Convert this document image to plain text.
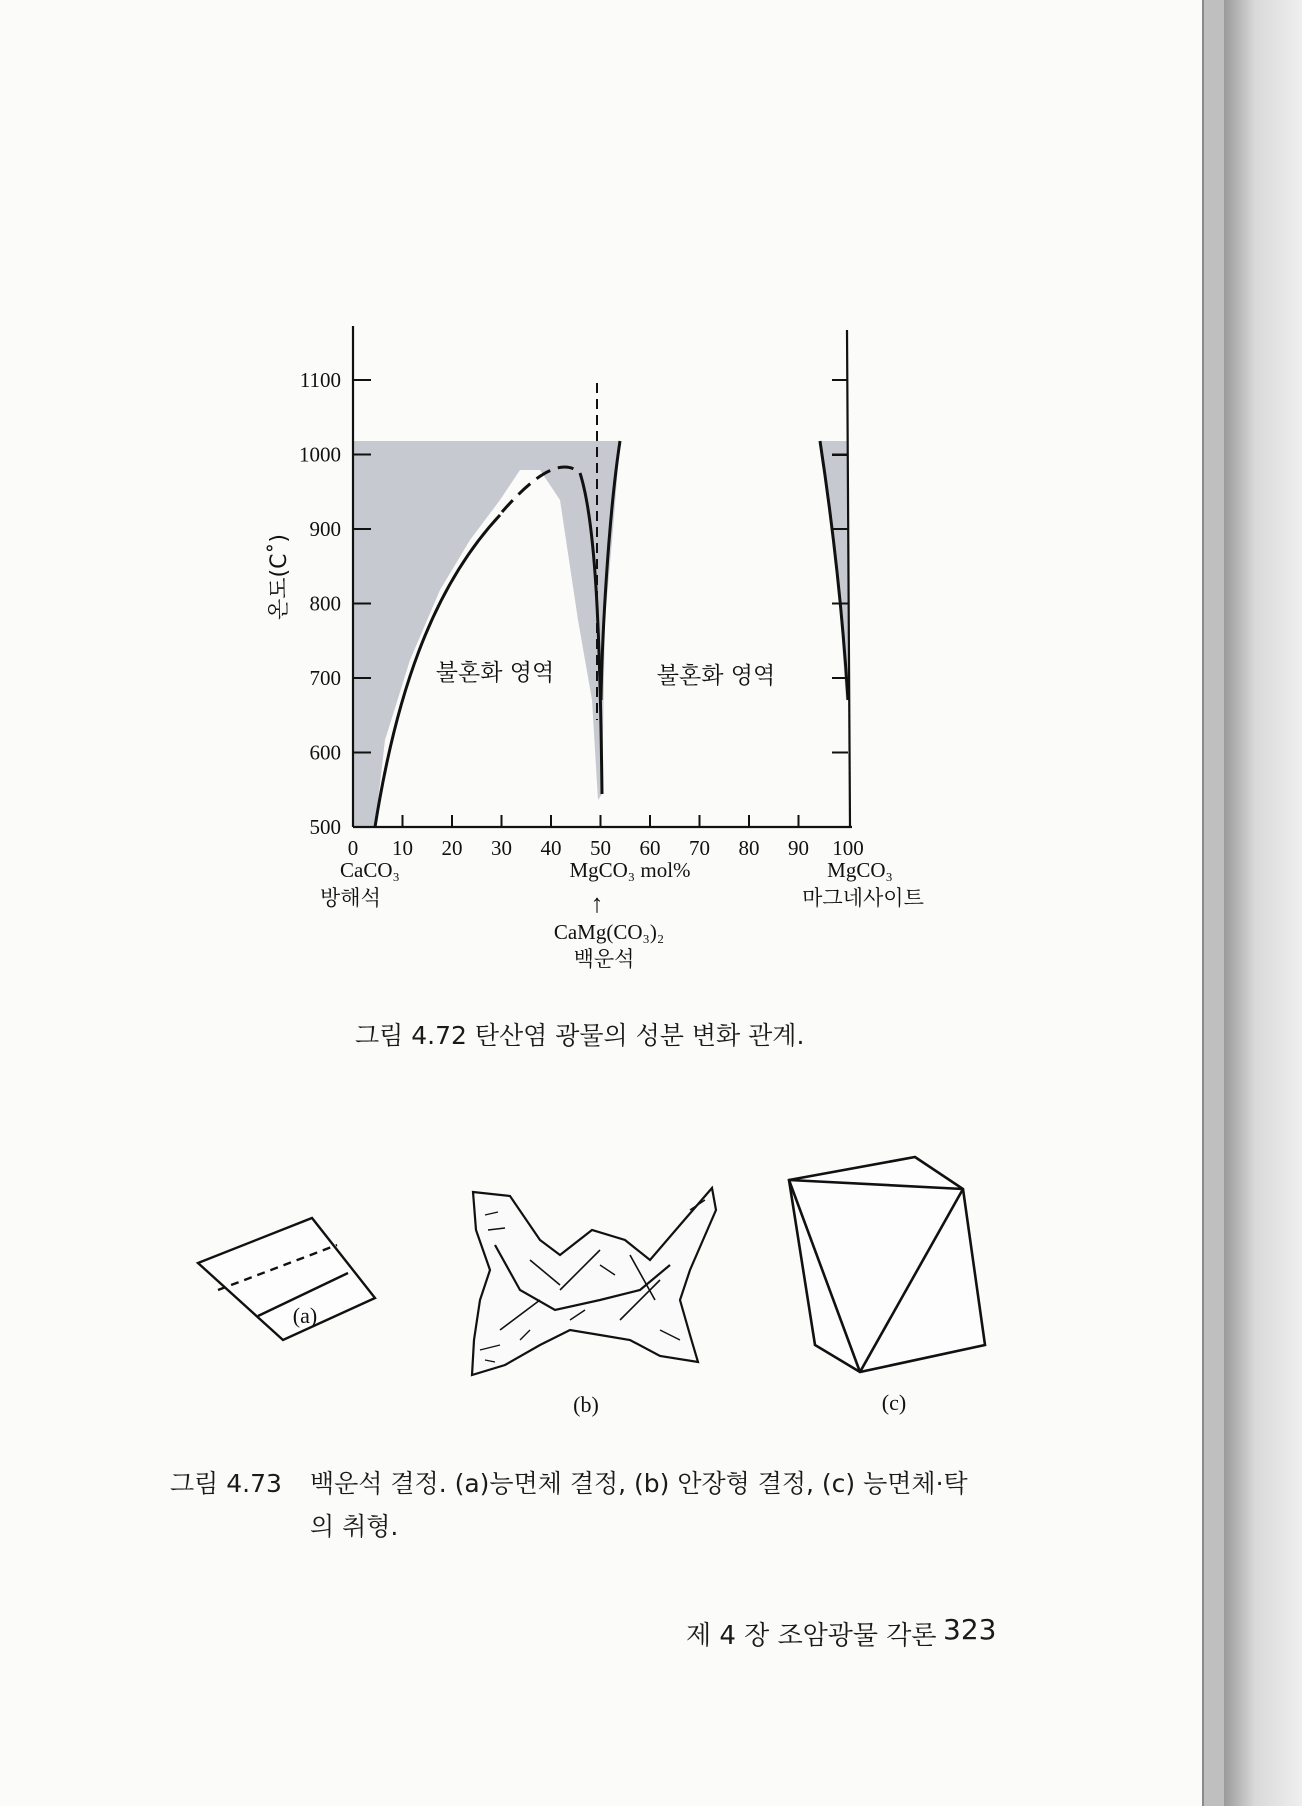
0 10 20 30 40 50 60 70 80 90 100
500
600
700
800
900
1000
1100
온도(C˚)
불혼화 영역	불혼화 영역
CaCO₃
방해석
MgCO₃ mol%
↑
CaMg(CO₃)₂
백운석
MgCO₃
마그네사이트
(a)
(b)	(c)
그림 4.72 탄산염 광물의 성분 변화 관계.
그림 4.73 백운석 결정. (a)능면체 결정, (b) 안장형 결정, (c) 능면체·탁
의 취형.
제 4 장 조암광물 각론 323
